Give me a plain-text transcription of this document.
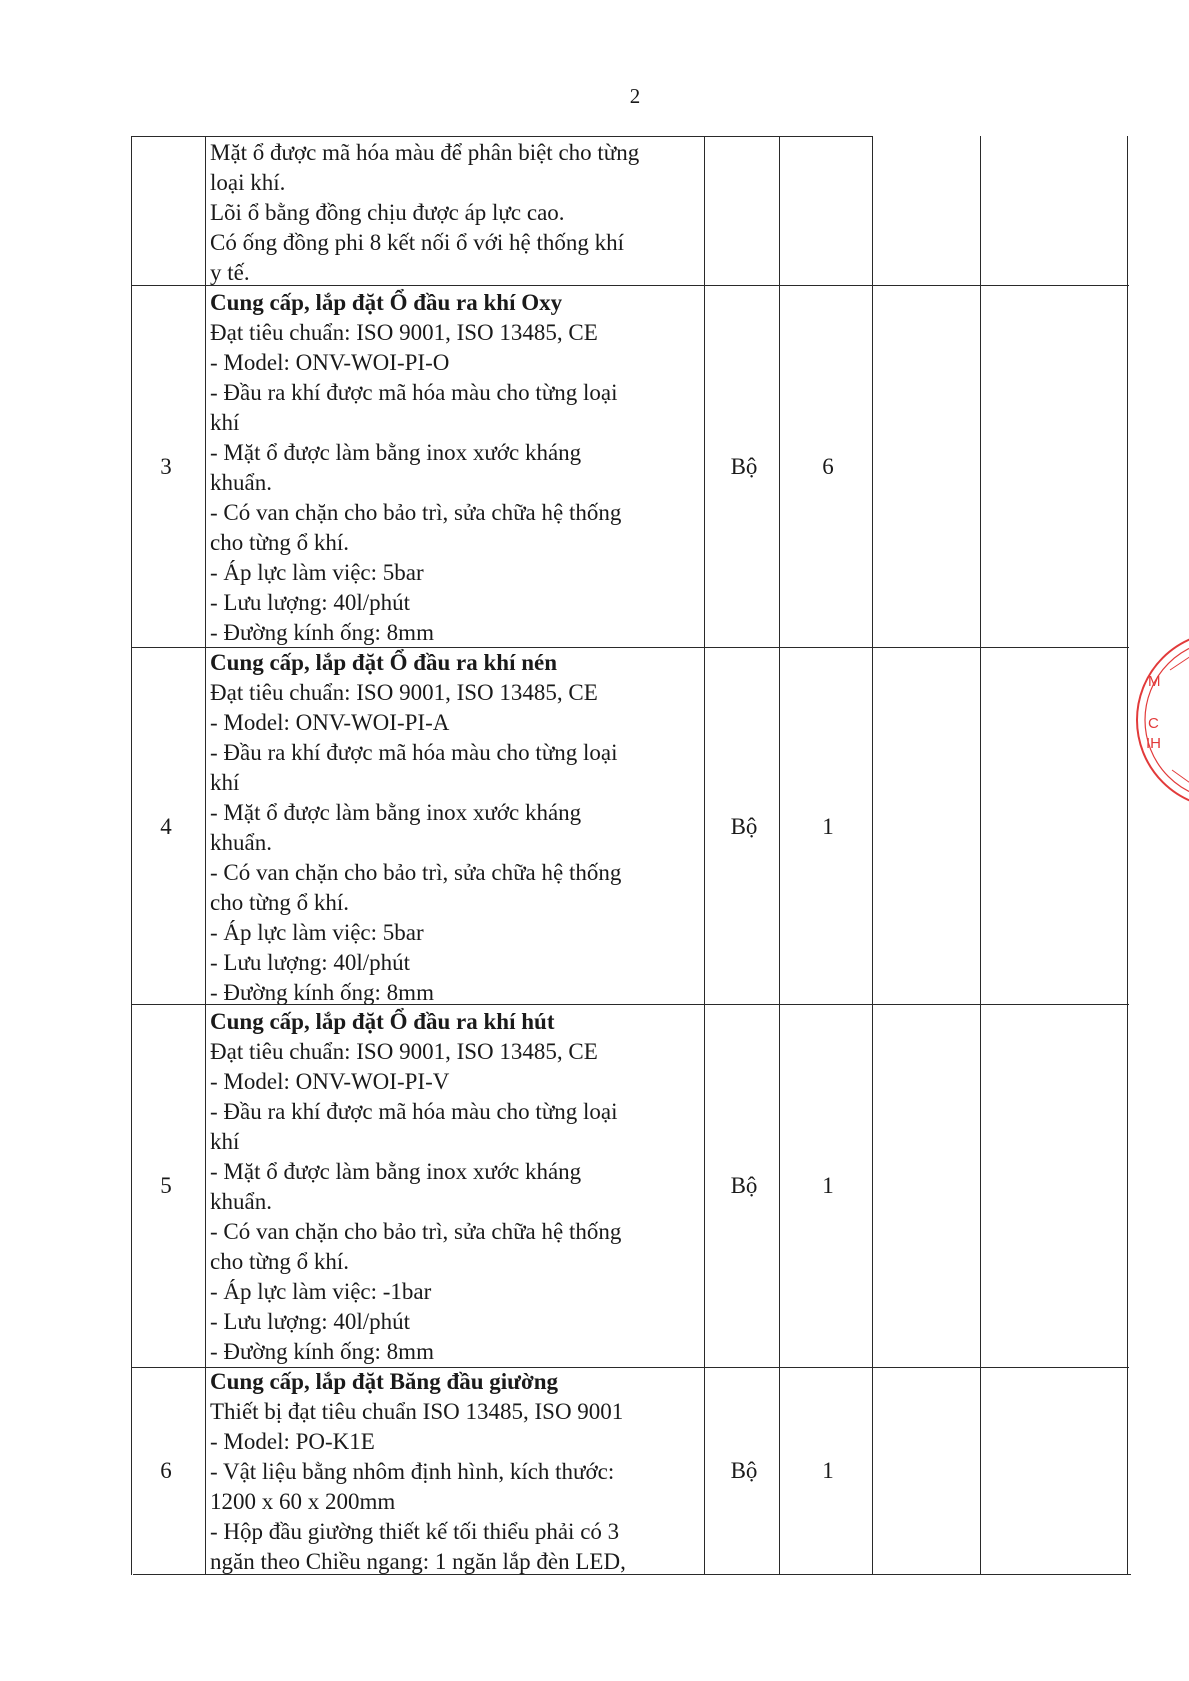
2
Mặt ổ được mã hóa màu để phân biệt cho từng
loại khí.
Lõi ổ bằng đồng chịu được áp lực cao.
Có ống đồng phi 8 kết nối ổ với hệ thống khí
y tế.
Cung cấp, lắp đặt Ổ đầu ra khí Oxy
Đạt tiêu chuẩn: ISO 9001, ISO 13485, CE
- Model: ONV-WOI-PI-O
- Đầu ra khí được mã hóa màu cho từng loại
khí
- Mặt ổ được làm bằng inox xước kháng
khuẩn.
- Có van chặn cho bảo trì, sửa chữa hệ thống
cho từng ổ khí.
- Áp lực làm việc: 5bar
- Lưu lượng: 40l/phút
- Đường kính ống: 8mm
3	Bộ	6
Cung cấp, lắp đặt Ổ đầu ra khí nén
Đạt tiêu chuẩn: ISO 9001, ISO 13485, CE
- Model: ONV-WOI-PI-A
- Đầu ra khí được mã hóa màu cho từng loại
khí
- Mặt ổ được làm bằng inox xước kháng
khuẩn.
- Có van chặn cho bảo trì, sửa chữa hệ thống
cho từng ổ khí.
- Áp lực làm việc: 5bar
- Lưu lượng: 40l/phút
- Đường kính ống: 8mm
4	Bộ	1
Cung cấp, lắp đặt Ổ đầu ra khí hút
Đạt tiêu chuẩn: ISO 9001, ISO 13485, CE
- Model: ONV-WOI-PI-V
- Đầu ra khí được mã hóa màu cho từng loại
khí
- Mặt ổ được làm bằng inox xước kháng
khuẩn.
- Có van chặn cho bảo trì, sửa chữa hệ thống
cho từng ổ khí.
- Áp lực làm việc: -1bar
- Lưu lượng: 40l/phút
- Đường kính ống: 8mm
5	Bộ	1
Cung cấp, lắp đặt Băng đầu giường
Thiết bị đạt tiêu chuẩn ISO 13485, ISO 9001
- Model: PO-K1E
- Vật liệu bằng nhôm định hình, kích thước:
1200 x 60 x 200mm
- Hộp đầu giường thiết kế tối thiểu phải có 3
ngăn theo Chiều ngang: 1 ngăn lắp đèn LED,
6	Bộ	1
M
C
IH
